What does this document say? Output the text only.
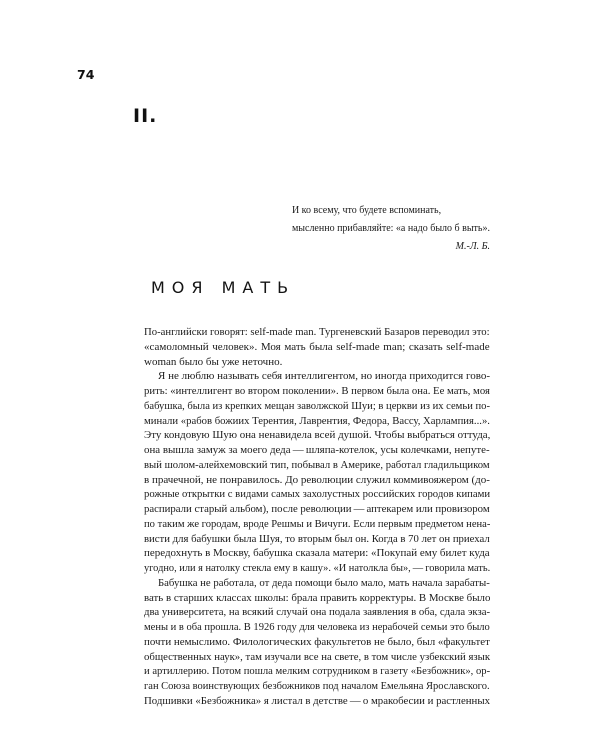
74
II.
И ко всему, что будете вспоминать,
мысленно прибавляйте: «а надо было б выть».
М.-Л. Б.
МОЯ МАТЬ
По-английски говорят: self-made man. Тургеневский Базаров переводил это:
«самоломный человек». Моя мать была self-made man; сказать self-made
woman было бы уже неточно.
Я не люблю называть себя интеллигентом, но иногда приходится гово-
рить: «интеллигент во втором поколении». В первом была она. Ее мать, моя
бабушка, была из крепких мещан заволжской Шуи; в церкви из их семьи по-
минали «рабов божиих Терентия, Лаврентия, Федора, Вассу, Харлампия...».
Эту кондовую Шую она ненавидела всей душой. Чтобы выбраться оттуда,
она вышла замуж за моего деда — шляпа-котелок, усы колечками, непуте-
вый шолом-алейхемовский тип, побывал в Америке, работал гладильщиком
в прачечной, не понравилось. До революции служил коммивояжером (до-
рожные открытки с видами самых захолустных российских городов кипами
распирали старый альбом), после революции — аптекарем или провизором
по таким же городам, вроде Решмы и Вичуги. Если первым предметом нена-
висти для бабушки была Шуя, то вторым был он. Когда в 70 лет он приехал
передохнуть в Москву, бабушка сказала матери: «Покупай ему билет куда
угодно, или я натолку стекла ему в кашу». «И натолкла бы», — говорила мать.
Бабушка не работала, от деда помощи было мало, мать начала зарабаты-
вать в старших классах школы: брала править корректуры. В Москве было
два университета, на всякий случай она подала заявления в оба, сдала экза-
мены и в оба прошла. В 1926 году для человека из нерабочей семьи это было
почти немыслимо. Филологических факультетов не было, был «факультет
общественных наук», там изучали все на свете, в том числе узбекский язык
и артиллерию. Потом пошла мелким сотрудником в газету «Безбожник», ор-
ган Союза воинствующих безбожников под началом Емельяна Ярославского.
Подшивки «Безбожника» я листал в детстве — о мракобесии и растленных
